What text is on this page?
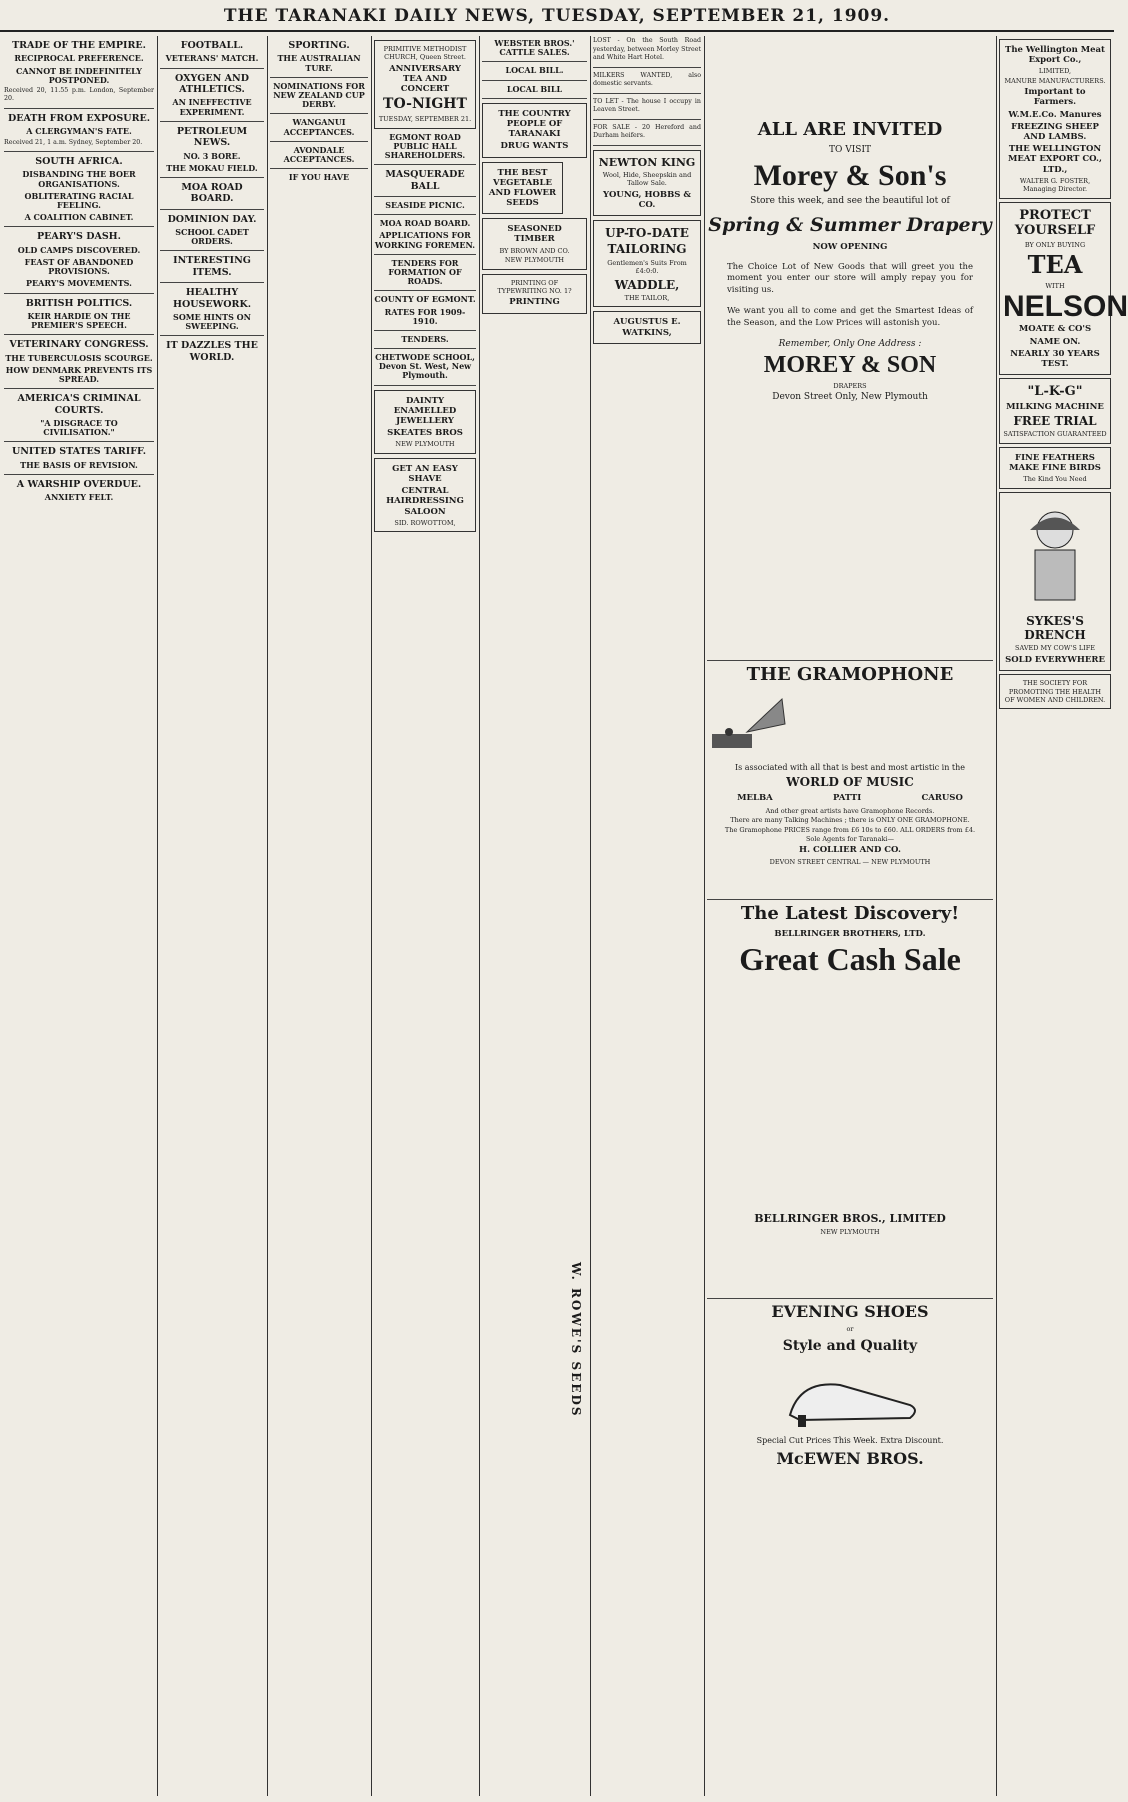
THE TARANAKI DAILY NEWS, TUESDAY, SEPTEMBER 21, 1909.
TRADE OF THE EMPIRE.
RECIPROCAL PREFERENCE.
CANNOT BE INDEFINITELY POSTPONED.

Received 20, 11.55 p.m. London, September 20.

DEATH FROM EXPOSURE.
A CLERGYMAN'S FATE.

Received 21, 1 a.m. Sydney, September 20.

SOUTH AFRICA.
DISBANDING THE BOER ORGANISATIONS.
OBLITERATING RACIAL FEELING.
A COALITION CABINET.
PEARY'S DASH.
OLD CAMPS DISCOVERED.
FEAST OF ABANDONED PROVISIONS.
PEARY'S MOVEMENTS.
BRITISH POLITICS.
KEIR HARDIE ON THE PREMIER'S SPEECH.
VETERINARY CONGRESS.
THE TUBERCULOSIS SCOURGE.
HOW DENMARK PREVENTS ITS SPREAD.
AMERICA'S CRIMINAL COURTS.
"A DISGRACE TO CIVILISATION."
UNITED STATES TARIFF.
THE BASIS OF REVISION.
A WARSHIP OVERDUE.
ANXIETY FELT.
FOOTBALL.
VETERANS' MATCH.
OXYGEN AND ATHLETICS.
AN INEFFECTIVE EXPERIMENT.
PETROLEUM NEWS.
NO. 3 BORE.
THE MOKAU FIELD.
MOA ROAD BOARD.
DOMINION DAY.
SCHOOL CADET ORDERS.
INTERESTING ITEMS.
HEALTHY HOUSEWORK.
SOME HINTS ON SWEEPING.
IT DAZZLES THE WORLD.
SPORTING.
THE AUSTRALIAN TURF.
NOMINATIONS FOR NEW ZEALAND CUP DERBY.
WANGANUI ACCEPTANCES.
AVONDALE ACCEPTANCES.
IF YOU HAVE
PRIMITIVE METHODIST CHURCH, Queen Street.
ANNIVERSARY TEA AND CONCERT
TO-NIGHT
TUESDAY, SEPTEMBER 21.
EGMONT ROAD PUBLIC HALL SHAREHOLDERS.
MASQUERADE BALL
SEASIDE PICNIC.
MOA ROAD BOARD.
APPLICATIONS FOR WORKING FOREMEN.
TENDERS FOR FORMATION OF ROADS.
COUNTY OF EGMONT.
RATES FOR 1909-1910.
TENDERS.
CHETWODE SCHOOL, Devon St. West, New Plymouth.
DAINTY ENAMELLED JEWELLERY
SKEATES BROS
NEW PLYMOUTH
GET AN EASY SHAVE
CENTRAL HAIRDRESSING SALOON
SID. ROWOTTOM,
WEBSTER BROS.' CATTLE SALES.
LOCAL BILL.
LOCAL BILL
THE COUNTRY PEOPLE OF TARANAKI
DRUG WANTS
THE BEST VEGETABLE AND FLOWER SEEDS
SEASONED TIMBER
BY BROWN AND CO.
NEW PLYMOUTH
PRINTING OF TYPEWRITING NO. 1?
PRINTING
W. ROWE'S SEEDS

LOST - On the South Road yesterday, between Morley Street and White Hart Hotel.

MILKERS WANTED, also domestic servants.

TO LET - The house I occupy in Leaven Street.

FOR SALE - 20 Hereford and Durham heifers.

NEWTON KING
Wool, Hide, Sheepskin and Tallow Sale.
YOUNG, HOBBS & CO.
UP-TO-DATE
TAILORING
Gentlemen's Suits From £4:0:0.
WADDLE,
THE TAILOR,
AUGUSTUS E. WATKINS,
ALL ARE INVITED
TO VISIT
Morey & Son's
Store this week, and see the beautiful lot of
Spring & Summer Drapery
NOW OPENING

The Choice Lot of New Goods that will greet you the moment you enter our store will amply repay you for visiting us.

We want you all to come and get the Smartest Ideas of the Season, and the Low Prices will astonish you.

Remember, Only One Address :
MOREY & SON
DRAPERS
Devon Street Only, New Plymouth
THE GRAMOPHONE
Is associated with all that is best and most artistic in the
WORLD OF MUSIC
MELBA	PATTI	CARUSO
And other great artists have Gramophone Records.
There are many Talking Machines ; there is ONLY ONE GRAMOPHONE.
The Gramophone PRICES range from £6 10s to £60. ALL ORDERS from £4.
Sole Agents for Taranaki—
H. COLLIER AND CO.
DEVON STREET CENTRAL — NEW PLYMOUTH
The Latest Discovery!
BELLRINGER BROTHERS, LTD.
Great Cash Sale
BELLRINGER BROS., LIMITED
NEW PLYMOUTH
EVENING SHOES
or
Style and Quality
Special Cut Prices This Week. Extra Discount.
McEWEN BROS.
The Wellington Meat Export Co.,
LIMITED,
MANURE MANUFACTURERS.
Important to Farmers.
W.M.E.Co. Manures
FREEZING SHEEP AND LAMBS.
THE WELLINGTON MEAT EXPORT CO., LTD.,
WALTER G. FOSTER, Managing Director.
PROTECT YOURSELF
BY ONLY BUYING
TEA
WITH
NELSON
MOATE & CO'S
NAME ON.
NEARLY 30 YEARS TEST.
"L-K-G"
MILKING MACHINE
FREE TRIAL
SATISFACTION GUARANTEED
FINE FEATHERS MAKE FINE BIRDS
The Kind You Need
SYKES'S DRENCH
SAVED MY COW'S LIFE
SOLD EVERYWHERE
THE SOCIETY FOR PROMOTING THE HEALTH OF WOMEN AND CHILDREN.
